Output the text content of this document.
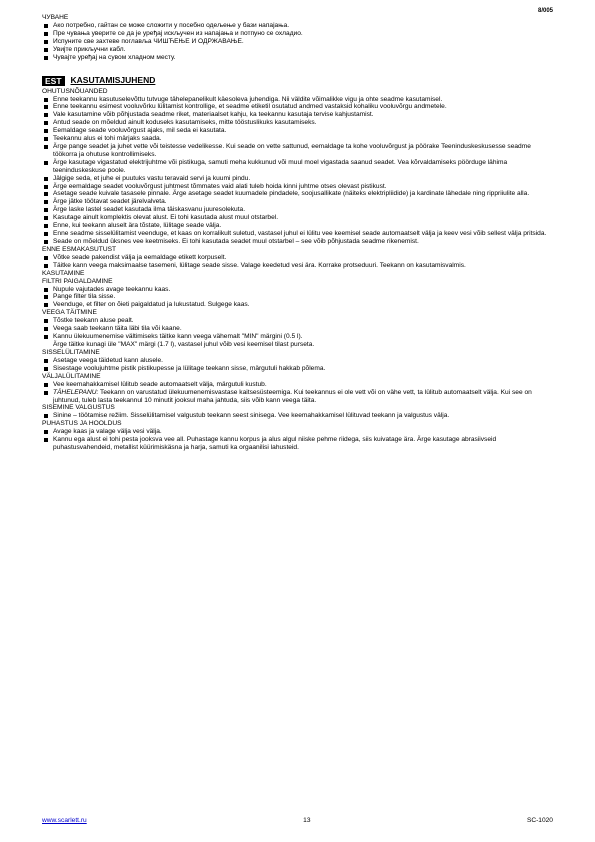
8/005
ЧУВАНЕ
Ако потребно, гайтан се може сложити у посебно одељење у бази напајања.
Пре чувања уверите се да је уређај искључен из напајања и потпуно се охладио.
Испуните све захтеве поглавља ЧИШЋЕЊЕ И ОДРЖАВАЊЕ.
Увијте прикључни кабл.
Чувајте уређај на сувом хладном месту.
EST	KASUTAMISJUHEND
OHUTUSNÕUANDED
Enne teekannu kasutuselevõttu tutvuge tähelepanelikult käesoleva juhendiga. Nii väldite võimalikke vigu ja ohte seadme kasutamisel.
Enne teekannu esimest vooluvõrku lülitamist kontrollige, et seadme etiketil osutatud andmed vastaksid kohaliku vooluvõrgu andmetele.
Vale kasutamine võib põhjustada seadme riket, materiaalset kahju, ka teekannu kasutaja tervise kahjustamist.
Antud seade on mõeldud ainult koduseks kasutamiseks, mitte tööstuslikuks kasutamiseks.
Eemaldage seade vooluvõrgust ajaks, mil seda ei kasutata.
Teekannu alus ei tohi märjaks saada.
Ärge pange seadet ja juhet vette või teistesse vedelikesse. Kui seade on vette sattunud, eemaldage ta kohe vooluvõrgust ja pöörake Teeninduskeskusesse seadme töökorra ja ohutuse kontrollimiseks.
Ärge kasutage vigastatud elektrijuhtme või pistikuga, samuti meha kukkunud või muul moel vigastada saanud seadet. Vea kõrvaldamiseks pöörduge lähima teeninduskeskuse poole.
Jälgige seda, et juhe ei puutuks vastu teravaid servi ja kuumi pindu.
Ärge eemaldage seadet vooluvõrgust juhtmest tõmmates vaid alati tuleb hoida kinni juhtme otses olevast pistikust.
Asetage seade kuivale tasasele pinnale. Ärge asetage seadet kuumadele pindadele, soojusallikate (näiteks elektripliidide) ja kardinate lähedale ning rippriiulite alla.
Ärge jätke töötavat seadet järelvalveta.
Ärge laske lastel seadet kasutada ilma täiskasvanu juuresolekuta.
Kasutage ainult komplektis olevat alust. Ei tohi kasutada alust muul otstarbel.
Enne, kui teekann aluselt ära tõstate, lülitage seade välja.
Enne seadme sisselülitamist veenduge, et kaas on korralikult suletud, vastasel juhul ei lülitu vee keemisel seade automaatselt välja ja keev vesi võib sellest välja pritsida.
Seade on mõeldud üksnes vee keetmiseks. Ei tohi kasutada seadet muul otstarbel – see võib põhjustada seadme rikenemist.
ENNE ESMAKASUTUST
Võtke seade pakendist välja ja eemaldage etikett korpuselt.
Täitke kann veega maksimaalse tasemeni, lülitage seade sisse. Valage keedetud vesi ära. Korrake protseduuri. Teekann on kasutamisvalmis.
KASUTAMINE
FILTRI PAIGALDAMINE
Nupule vajutades avage teekannu kaas.
Pange filter tila sisse.
Veenduge, et filter on õieti paigaldatud ja lukustatud. Sulgege kaas.
VEEGA TÄITMINE
Tõstke teekann aluse pealt.
Veega saab teekann täita läbi tila või kaane.
Kannu ülekuumenemise vältimiseks täitke kann veega vähemalt "MIN" märgini (0.5 l).
Ärge täitke kunagi üle "MAX" märgi (1.7 l), vastasel juhul võib vesi keemisel tilast purseta.
SISSELÜLITAMINE
Asetage veega täidetud kann alusele.
Sisestage voolujuhtme pistik pistikupesse ja lülitage teekann sisse, märgutuli hakkab põlema.
VÄLJALÜLITAMINE
Vee keemahakkamisel lülitub seade automaatselt välja, märgutuli kustub.
TÄHELEPANU: Teekann on varustatud ülekuumenemisvastase kaitsesüsteemiga. Kui teekannus ei ole vett või on vähe vett, ta lülitub automaatselt välja. Kui see on juhtunud, tuleb lasta teekannul 10 minutit jooksul maha jahtuda, siis võib kann veega täita.
SISEMINE VALGUSTUS
Sinine – töötamise režiim. Sisselülitamisel valgustub teekann seest sinisega. Vee keemahakkamisel lülituvad teekann ja valgustus välja.
PUHASTUS JA HOOLDUS
Avage kaas ja valage välja vesi välja.
Kannu ega alust ei tohi pesta jooksva vee all. Puhastage kannu korpus ja alus algul niiske pehme riidega, siis kuivatage ära. Ärge kasutage abrasiivseid puhastusvahendeid, metallist küürimiskäsna ja harja, samuti ka orgaanilisi lahusteid.
www.scarlett.ru	13	SC-1020
